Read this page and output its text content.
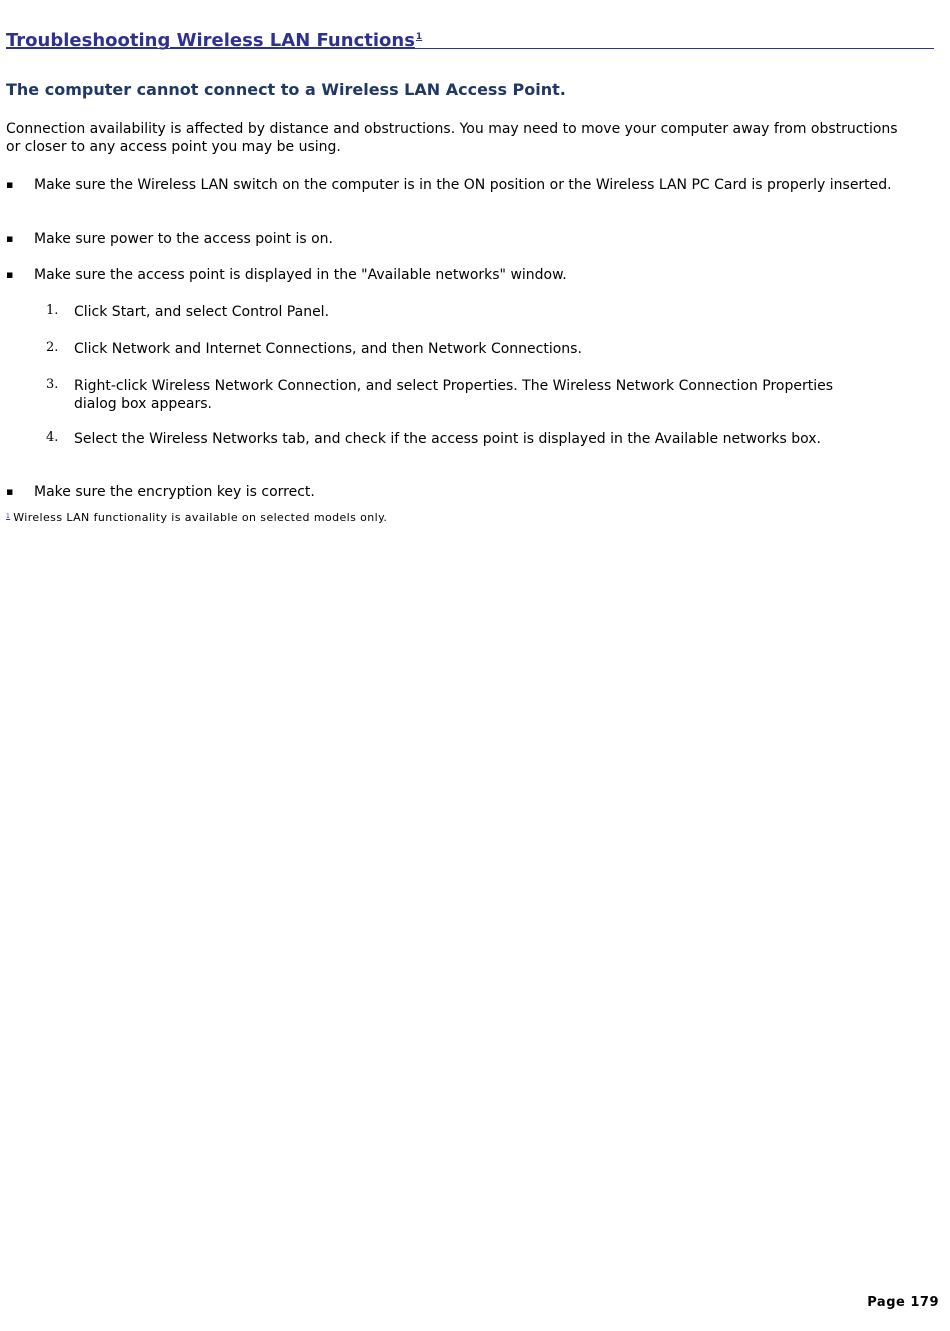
Troubleshooting Wireless LAN Functions$^1$
The computer cannot connect to a Wireless LAN Access Point.
Connection availability is affected by distance and obstructions. You may need to move your computer away from obstructions or closer to any access point you may be using.
▪ Make sure the Wireless LAN switch on the computer is in the ON position or the Wireless LAN PC Card is properly inserted.
▪ Make sure power to the access point is on.
▪ Make sure the access point is displayed in the "Available networks" window.
1. Click Start, and select Control Panel.
2. Click Network and Internet Connections, and then Network Connections.
3. Right-click Wireless Network Connection, and select Properties. The Wireless Network Connection Properties dialog box appears.
4. Select the Wireless Networks tab, and check if the access point is displayed in the Available networks box.
▪ Make sure the encryption key is correct.
$^1$ Wireless LAN functionality is available on selected models only.
Page 179
